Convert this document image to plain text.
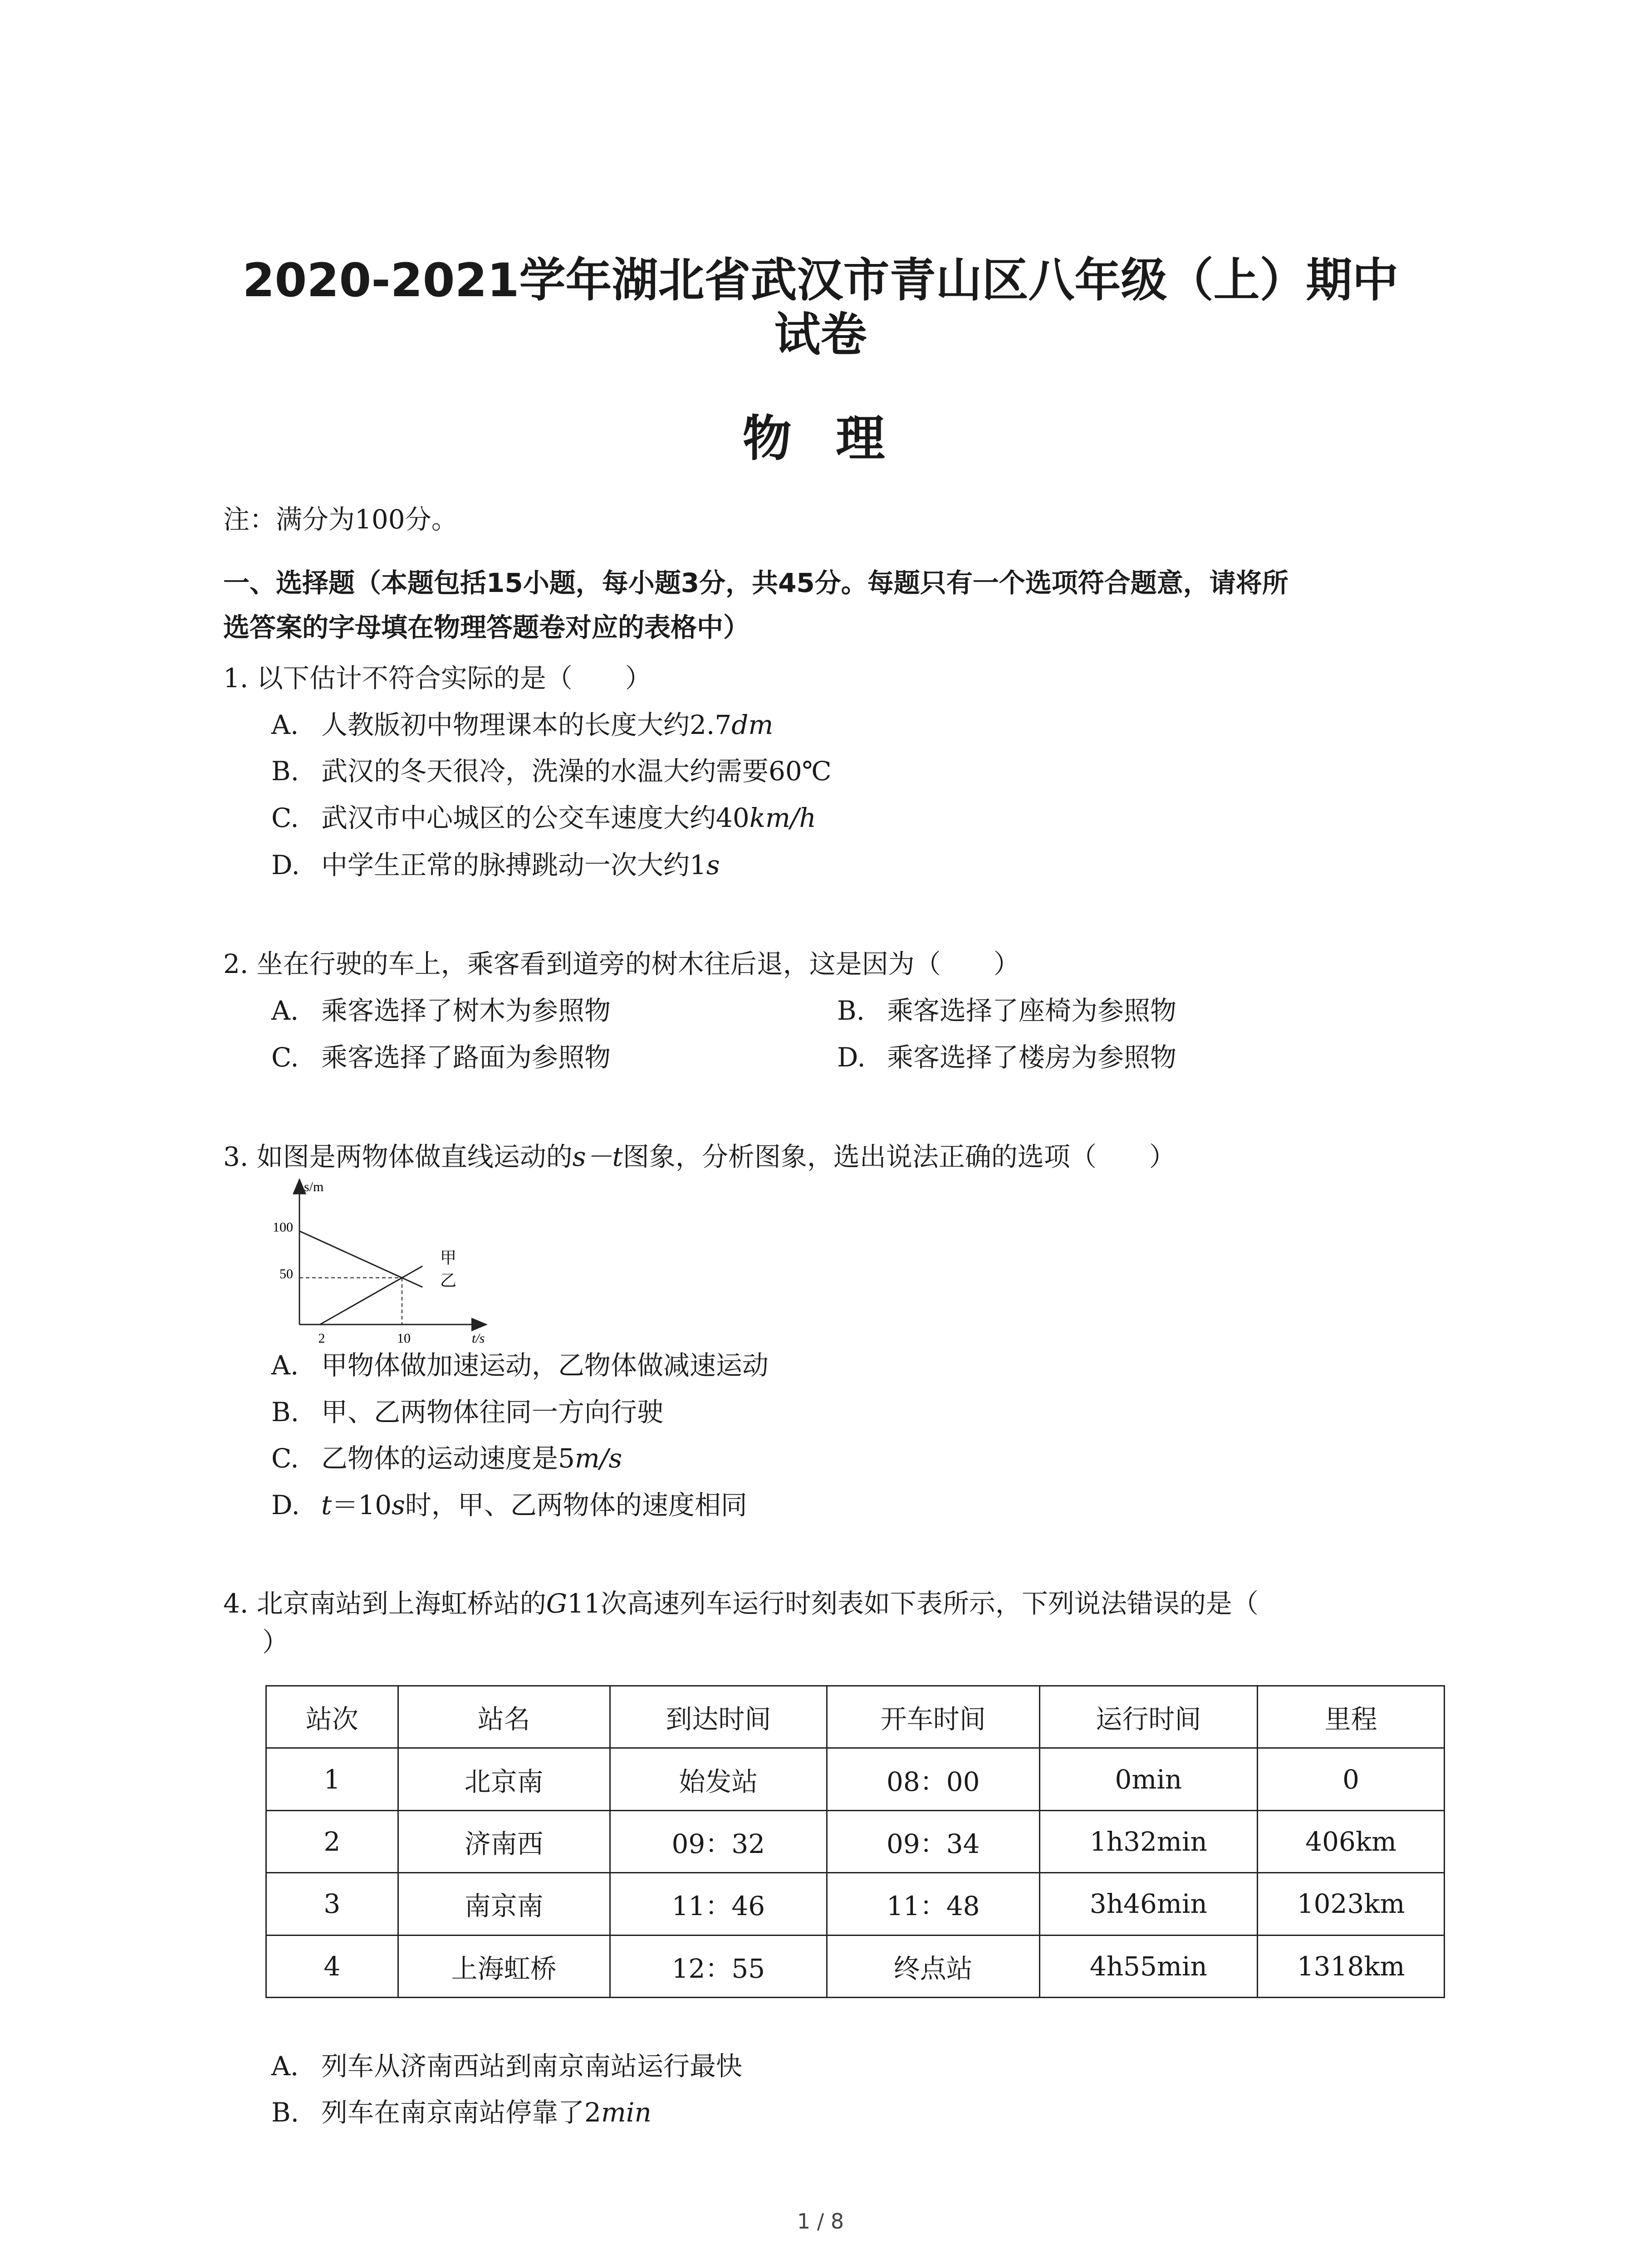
2020-2021学年湖北省武汉市青山区八年级（上）期中
试卷
物 理
注：满分为100分。
一、选择题（本题包括15小题，每小题3分，共45分。每题只有一个选项符合题意，请将所
选答案的字母填在物理答题卷对应的表格中）
1. 以下估计不符合实际的是（　　）
A. 人教版初中物理课本的长度大约2.7dm
B. 武汉的冬天很冷，洗澡的水温大约需要60℃
C. 武汉市中心城区的公交车速度大约40km/h
D. 中学生正常的脉搏跳动一次大约1s
2. 坐在行驶的车上，乘客看到道旁的树木往后退，这是因为（　　）
A. 乘客选择了树木为参照物	B. 乘客选择了座椅为参照物
C. 乘客选择了路面为参照物	D. 乘客选择了楼房为参照物
3. 如图是两物体做直线运动的s－t图象，分析图象，选出说法正确的选项（　　）
s/m
t/s
100
50
2	10
甲
乙
A. 甲物体做加速运动，乙物体做减速运动
B. 甲、乙两物体往同一方向行驶
C. 乙物体的运动速度是5m/s
D. t＝10s时，甲、乙两物体的速度相同
4. 北京南站到上海虹桥站的G11次高速列车运行时刻表如下表所示，下列说法错误的是（
）
站次	站名	到达时间	开车时间	运行时间	里程
1	北京南	始发站	08：00	0min	0
2	济南西	09：32	09：34	1h32min	406km
3	南京南	11：46	11：48	3h46min	1023km
4	上海虹桥	12：55	终点站	4h55min	1318km
A. 列车从济南西站到南京南站运行最快
B. 列车在南京南站停靠了2min
1 / 8
